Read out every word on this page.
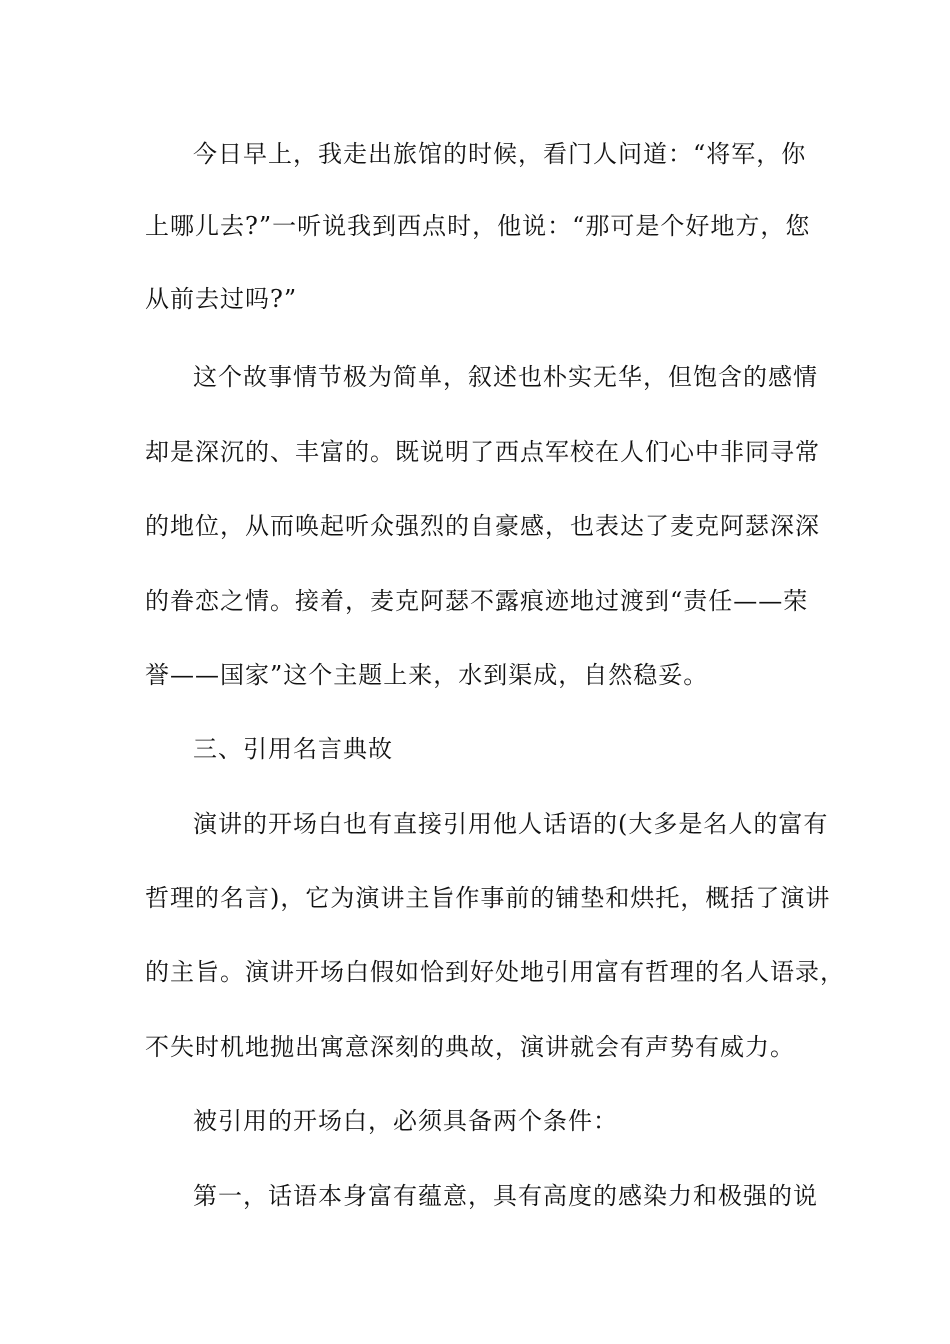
今日早上，我走出旅馆的时候，看门人问道：“将军，你
上哪儿去?”一听说我到西点时，他说：“那可是个好地方，您
从前去过吗?”
这个故事情节极为简单，叙述也朴实无华，但饱含的感情
却是深沉的、丰富的。既说明了西点军校在人们心中非同寻常
的地位，从而唤起听众强烈的自豪感，也表达了麦克阿瑟深深
的眷恋之情。接着，麦克阿瑟不露痕迹地过渡到“责任——荣
誉——国家”这个主题上来，水到渠成，自然稳妥。
三、引用名言典故
演讲的开场白也有直接引用他人话语的(大多是名人的富有
哲理的名言)，它为演讲主旨作事前的铺垫和烘托，概括了演讲
的主旨。演讲开场白假如恰到好处地引用富有哲理的名人语录，
不失时机地抛出寓意深刻的典故，演讲就会有声势有威力。
被引用的开场白，必须具备两个条件：
第一，话语本身富有蕴意，具有高度的感染力和极强的说
